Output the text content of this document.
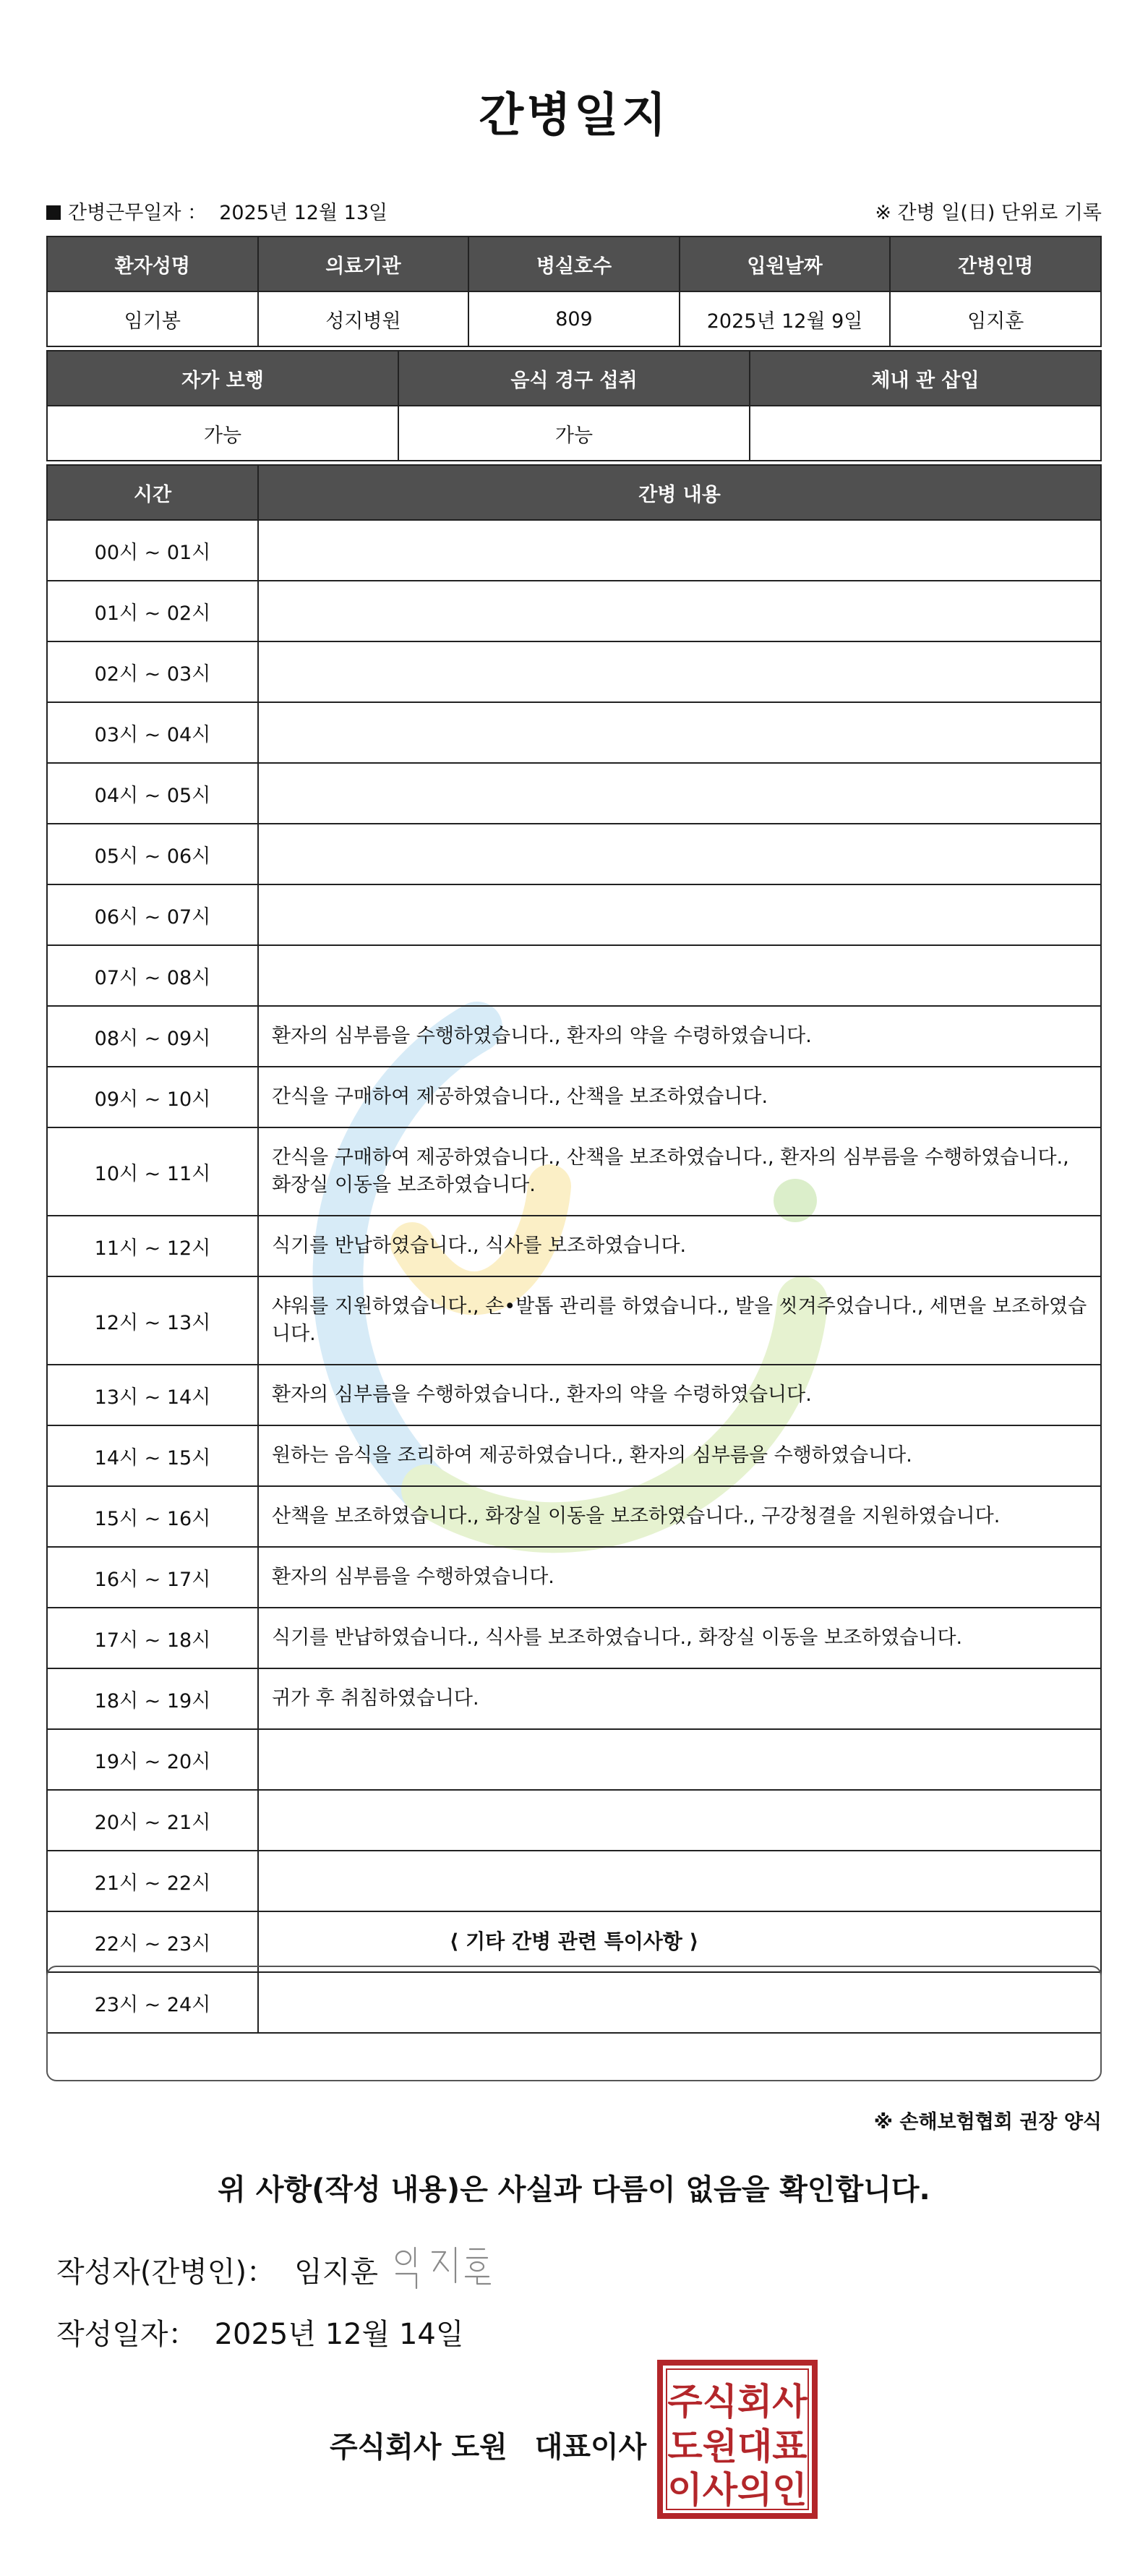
간병일지
간병근무일자 ： 2025년 12월 13일	※ 간병 일(日) 단위로 기록
환자성명	의료기관	병실호수	입원날짜	간병인명
임기봉	성지병원	809	2025년 12월 9일	임지훈
자가 보행	음식 경구 섭취	체내 관 삽입
가능	가능	
시간	간병 내용
00시 ~ 01시	
01시 ~ 02시	
02시 ~ 03시	
03시 ~ 04시	
04시 ~ 05시	
05시 ~ 06시	
06시 ~ 07시	
07시 ~ 08시	
08시 ~ 09시	환자의 심부름을 수행하였습니다., 환자의 약을 수령하였습니다.
09시 ~ 10시	간식을 구매하여 제공하였습니다., 산책을 보조하였습니다.
10시 ~ 11시	간식을 구매하여 제공하였습니다., 산책을 보조하였습니다., 환자의 심부름을 수행하였습니다., 화장실 이동을 보조하였습니다.
11시 ~ 12시	식기를 반납하였습니다., 식사를 보조하였습니다.
12시 ~ 13시	샤워를 지원하였습니다., 손•발톱 관리를 하였습니다., 발을 씻겨주었습니다., 세면을 보조하였습니다.
13시 ~ 14시	환자의 심부름을 수행하였습니다., 환자의 약을 수령하였습니다.
14시 ~ 15시	원하는 음식을 조리하여 제공하였습니다., 환자의 심부름을 수행하였습니다.
15시 ~ 16시	산책을 보조하였습니다., 화장실 이동을 보조하였습니다., 구강청결을 지원하였습니다.
16시 ~ 17시	환자의 심부름을 수행하였습니다.
17시 ~ 18시	식기를 반납하였습니다., 식사를 보조하였습니다., 화장실 이동을 보조하였습니다.
18시 ~ 19시	귀가 후 취침하였습니다.
19시 ~ 20시	
20시 ~ 21시	
21시 ~ 22시	
22시 ~ 23시	
23시 ~ 24시	
⟨ 기타 간병 관련 특이사항 ⟩
※ 손해보험협회 권장 양식
위 사항(작성 내용)은 사실과 다름이 없음을 확인합니다.
작성자(간병인)： 임지훈
작성일자： 2025년 12월 14일
주식회사 도원 대표이사
주식회사
도원대표
이사의인
